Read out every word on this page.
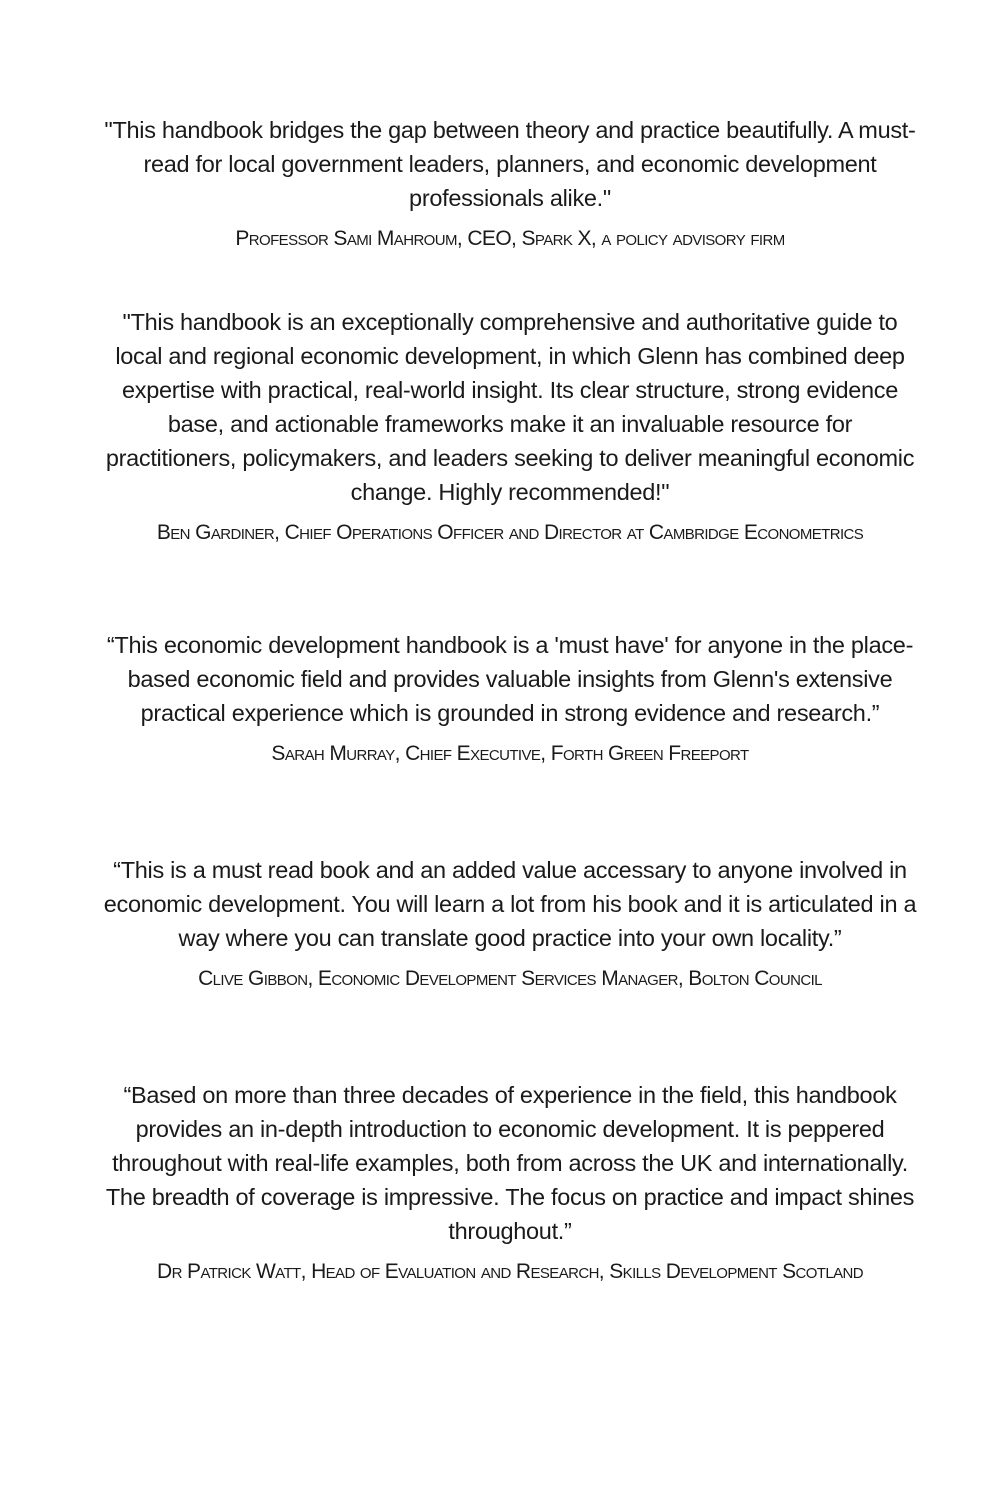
"This handbook bridges the gap between theory and practice beautifully. A must-read for local government leaders, planners, and economic development professionals alike."

Professor Sami Mahroum, CEO, Spark X, a policy advisory firm

"This handbook is an exceptionally comprehensive and authoritative guide to local and regional economic development, in which Glenn has combined deep expertise with practical, real-world insight. Its clear structure, strong evidence base, and actionable frameworks make it an invaluable resource for practitioners, policymakers, and leaders seeking to deliver meaningful economic change. Highly recommended!"

Ben Gardiner, Chief Operations Officer and Director at Cambridge Econometrics

“This economic development handbook is a 'must have' for anyone in the place-based economic field and provides valuable insights from Glenn's extensive practical experience which is grounded in strong evidence and research.”

Sarah Murray, Chief Executive, Forth Green Freeport

“This is a must read book and an added value accessary to anyone involved in economic development. You will learn a lot from his book and it is articulated in a way where you can translate good practice into your own locality.”

Clive Gibbon, Economic Development Services Manager, Bolton Council

“Based on more than three decades of experience in the field, this handbook provides an in-depth introduction to economic development. It is peppered throughout with real-life examples, both from across the UK and internationally. The breadth of coverage is impressive. The focus on practice and impact shines throughout.”

Dr Patrick Watt, Head of Evaluation and Research, Skills Development Scotland
